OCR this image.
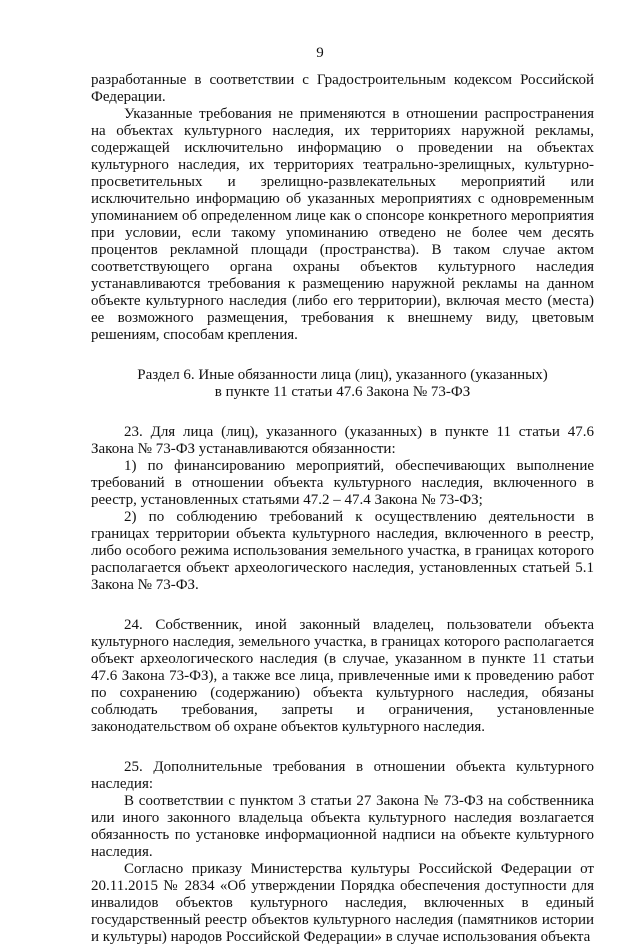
9

разработанные в соответствии с Градостроительным кодексом Российской Федерации.

Указанные требования не применяются в отношении распространения на объектах культурного наследия, их территориях наружной рекламы, содержащей исключительно информацию о проведении на объектах культурного наследия, их территориях театрально-зрелищных, культурно-просветительных и зрелищно-развлекательных мероприятий или исключительно информацию об указанных мероприятиях с одновременным упоминанием об определенном лице как о спонсоре конкретного мероприятия при условии, если такому упоминанию отведено не более чем десять процентов рекламной площади (пространства). В таком случае актом соответствующего органа охраны объектов культурного наследия устанавливаются требования к размещению наружной рекламы на данном объекте культурного наследия (либо его территории), включая место (места) ее возможного размещения, требования к внешнему виду, цветовым решениям, способам крепления.

Раздел 6. Иные обязанности лица (лиц), указанного (указанных)

в пункте 11 статьи 47.6 Закона № 73-ФЗ

23. Для лица (лиц), указанного (указанных) в пункте 11 статьи 47.6 Закона № 73-ФЗ устанавливаются обязанности:

1) по финансированию мероприятий, обеспечивающих выполнение требований в отношении объекта культурного наследия, включенного в реестр, установленных статьями 47.2 – 47.4 Закона № 73-ФЗ;

2) по соблюдению требований к осуществлению деятельности в границах территории объекта культурного наследия, включенного в реестр, либо особого режима использования земельного участка, в границах которого располагается объект археологического наследия, установленных статьей 5.1 Закона № 73-ФЗ.

24. Собственник, иной законный владелец, пользователи объекта культурного наследия, земельного участка, в границах которого располагается объект археологического наследия (в случае, указанном в пункте 11 статьи 47.6 Закона 73-ФЗ), а также все лица, привлеченные ими к проведению работ по сохранению (содержанию) объекта культурного наследия, обязаны соблюдать требования, запреты и ограничения, установленные законодательством об охране объектов культурного наследия.

25. Дополнительные требования в отношении объекта культурного наследия:

В соответствии с пунктом 3 статьи 27 Закона № 73-ФЗ на собственника или иного законного владельца объекта культурного наследия возлагается обязанность по установке информационной надписи на объекте культурного наследия.

Согласно приказу Министерства культуры Российской Федерации от 20.11.2015 № 2834 «Об утверждении Порядка обеспечения доступности для инвалидов объектов культурного наследия, включенных в единый государственный реестр объектов культурного наследия (памятников истории и культуры) народов Российской Федерации» в случае использования объекта
